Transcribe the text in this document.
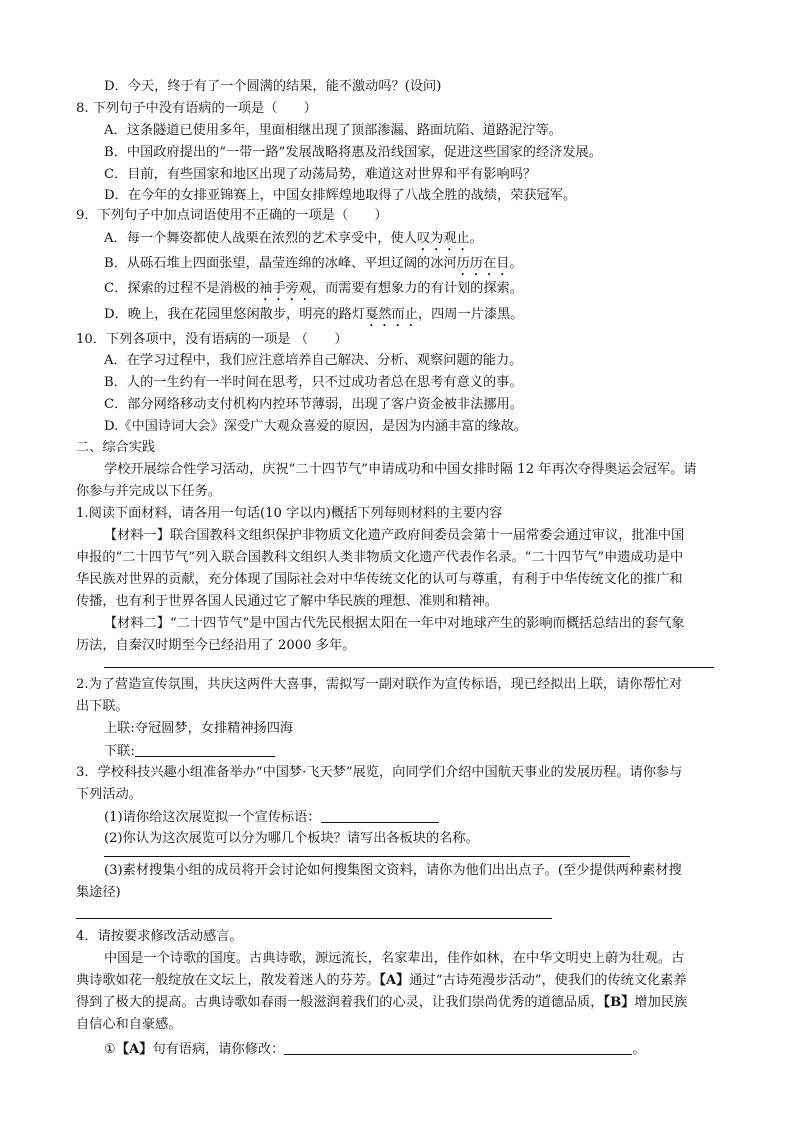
D．今天，终于有了一个圆满的结果，能不激动吗？(设问)
8. 下列句子中没有语病的一项是（　　）
A．这条隧道已使用多年，里面相继出现了顶部渗漏、路面坑陷、道路泥泞等。
B．中国政府提出的“一带一路”发展战略将惠及沿线国家，促进这些国家的经济发展。
C．目前，有些国家和地区出现了动荡局势，难道这对世界和平有影响吗？
D．在今年的女排亚锦赛上，中国女排辉煌地取得了八战全胜的战绩，荣获冠军。
9．下列句子中加点词语使用不正确的一项是（　　）
A．每一个舞姿都使人战栗在浓烈的艺术享受中，使人叹为观止。
B．从砾石堆上四面张望，晶莹连绵的冰峰、平坦辽阔的冰河历历在目。
C．探索的过程不是消极的袖手旁观，而需要有想象力的有计划的探索。
D．晚上，我在花园里悠闲散步，明亮的路灯戛然而止，四周一片漆黑。
10．下列各项中，没有语病的一项是 （　　）
A．在学习过程中，我们应注意培养自己解决、分析、观察问题的能力。
B．人的一生约有一半时间在思考，只不过成功者总在思考有意义的事。
C．部分网络移动支付机构内控环节薄弱，出现了客户资金被非法挪用。
D.《中国诗词大会》深受广大观众喜爱的原因，是因为内涵丰富的缘故。
二、综合实践
学校开展综合性学习活动，庆祝“二十四节气”申请成功和中国女排时隔 12 年再次夺得奥运会冠军。请
你参与并完成以下任务。
1.阅读下面材料，请各用一句话(10 字以内)概括下列每则材料的主要内容
【材料一】联合国教科文组织保护非物质文化遗产政府间委员会第十一届常委会通过审议，批准中国
申报的“二十四节气”列入联合国教科文组织人类非物质文化遗产代表作名录。“二十四节气”申遗成功是中
华民族对世界的贡献，充分体现了国际社会对中华传统文化的认可与尊重，有利于中华传统文化的推广和
传播，也有利于世界各国人民通过它了解中华民族的理想、准则和精神。
【材料二】“二十四节气”是中国古代先民根据太阳在一年中对地球产生的影响而概括总结出的套气象
历法，自秦汉时期至今已经沿用了 2000 多年。
2.为了营造宣传氛围，共庆这两件大喜事，需拟写一副对联作为宣传标语，现已经拟出上联，请你帮忙对
出下联。
上联:夺冠圆梦，女排精神扬四海
下联:
3．学校科技兴趣小组准备举办“中国梦·飞天梦”展览，向同学们介绍中国航天事业的发展历程。请你参与
下列活动。
(1)请你给这次展览拟一个宣传标语：
(2)你认为这次展览可以分为哪几个板块？请写出各板块的名称。
(3)素材搜集小组的成员将开会讨论如何搜集图文资料，请你为他们出出点子。(至少提供两种素材搜
集途径)
4．请按要求修改活动感言。
中国是一个诗歌的国度。古典诗歌，源远流长，名家辈出，佳作如林，在中华文明史上蔚为壮观。古
典诗歌如花一般绽放在文坛上，散发着迷人的芬芳。【A】通过“古诗苑漫步活动”，使我们的传统文化素养
得到了极大的提高。古典诗歌如春雨一般滋润着我们的心灵，让我们崇尚优秀的道德品质，【B】增加民族
自信心和自豪感。
①【A】句有语病，请你修改：	。
